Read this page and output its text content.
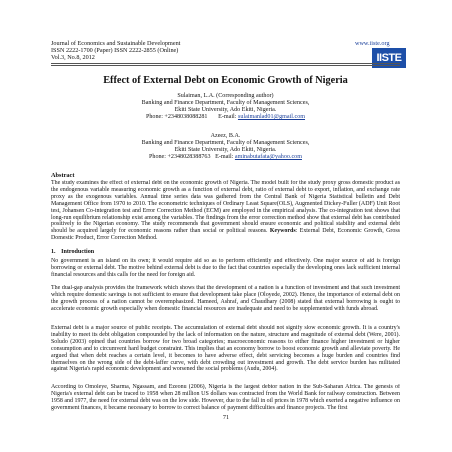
Journal of Economics and Sustainable Development
ISSN 2222-1700 (Paper) ISSN 2222-2855 (Online)
Vol.3, No.8, 2012
www.iiste.org
IISTE
Effect of External Debt on Economic Growth of Nigeria
Sulaiman, L.A. (Corresponding author)
Banking and Finance Department, Faculty of Management Sciences,
Ekiti State University, Ado Ekiti, Nigeria.
Phone: +2348038088281 E-mail: sulaimanlad01@gmail.com
Azeez, B.A.
Banking and Finance Department, Faculty of Management Sciences,
Ekiti State University, Ado Ekiti, Nigeria.
Phone: +2348028388763 E-mail: aminabutafata@yahoo.com
Abstract
The study examines the effect of external debt on the economic growth of Nigeria. The model built for the study proxy gross domestic product as the endogenous variable measuring economic growth as a function of external debt, ratio of external debt to export, inflation, and exchange rate proxy as the exogenous variables. Annual time series data was gathered from the Central Bank of Nigeria Statistical bulletin and Debt Management Office from 1970 to 2010. The econometric techniques of Ordinary Least Square(OLS), Augmented Dickey-Fuller (ADF) Unit Root test, Johansen Co-integration test and Error Correction Method (ECM) are employed in the empirical analysis. The co-integration test shows that long-run equilibrium relationship exist among the variables. The findings from the error correction method show that external debt has contributed positively to the Nigerian economy. The study recommends that government should ensure economic and political stability and external debt should be acquired largely for economic reasons rather than social or political reasons. Keywords: External Debt, Economic Growth, Gross Domestic Product, Error Correction Method.
1. Introduction
No government is an island on its own; it would require aid so as to perform efficiently and effectively. One major source of aid is foreign borrowing or external debt. The motive behind external debt is due to the fact that countries especially the developing ones lack sufficient internal financial resources and this calls for the need for foreign aid.
The dual-gap analysis provides the framework which shows that the development of a nation is a function of investment and that such investment which require domestic savings is not sufficient to ensure that development take place (Oloyede, 2002). Hence, the importance of external debt on the growth process of a nation cannot be overemphasized. Hameed, Ashraf, and Chaudhary (2008) stated that external borrowing is ought to accelerate economic growth especially when domestic financial resources are inadequate and need to be supplemented with funds abroad.
External debt is a major source of public receipts. The accumulation of external debt should not signify slow economic growth. It is a country's inability to meet its debt obligation compounded by the lack of information on the nature, structure and magnitude of external debt (Were, 2001). Soludo (2003) opined that countries borrow for two broad categories; macroeconomic reasons to either finance higher investment or higher consumption and to circumvent hard budget constraint. This implies that an economy borrow to boost economic growth and alleviate poverty. He argued that when debt reaches a certain level, it becomes to have adverse effect, debt servicing becomes a huge burden and countries find themselves on the wrong side of the debt-laffer curve, with debt crowding out investment and growth. The debt service burden has militated against Nigeria's rapid economic development and worsened the social problems (Audu, 2004).
According to Omoleye, Sharma, Ngassam, and Ezeonu (2006), Nigeria is the largest debtor nation in the Sub-Saharan Africa. The genesis of Nigeria's external debt can be traced to 1958 when 28 million US dollars was contracted from the World Bank for railway construction. Between 1958 and 1977, the need for external debt was on the low side. However, due to the fall in oil prices in 1978 which exerted a negative influence on government finances, it became necessary to borrow to correct balance of payment difficulties and finance projects. The first
71
